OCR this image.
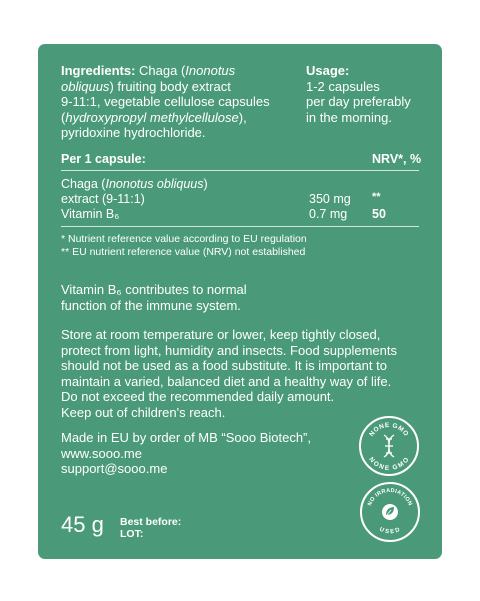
Ingredients: Chaga (Inonotus
obliquus) fruiting body extract
9-11:1, vegetable cellulose capsules
(hydroxypropyl methylcellulose),
pyridoxine hydrochloride.
Usage:
1-2 capsules
per day preferably
in the morning.
Per 1 capsule:	NRV*, %
Chaga (Inonotus obliquus)
extract (9-11:1)	350 mg **
Vitamin B₆	0.7 mg 50
* Nutrient reference value according to EU regulation
** EU nutrient reference value (NRV) not established
Vitamin B₆ contributes to normal
function of the immune system.
Store at room temperature or lower, keep tightly closed,
protect from light, humidity and insects. Food supplements
should not be used as a food substitute. It is important to
maintain a varied, balanced diet and a healthy way of life.
Do not exceed the recommended daily amount.
Keep out of children's reach.
Made in EU by order of MB “Sooo Biotech”,
www.sooo.me
support@sooo.me
NONE GMO
NONE GMO
NO IRRADIATION
USED
45 g Best before:
LOT:
